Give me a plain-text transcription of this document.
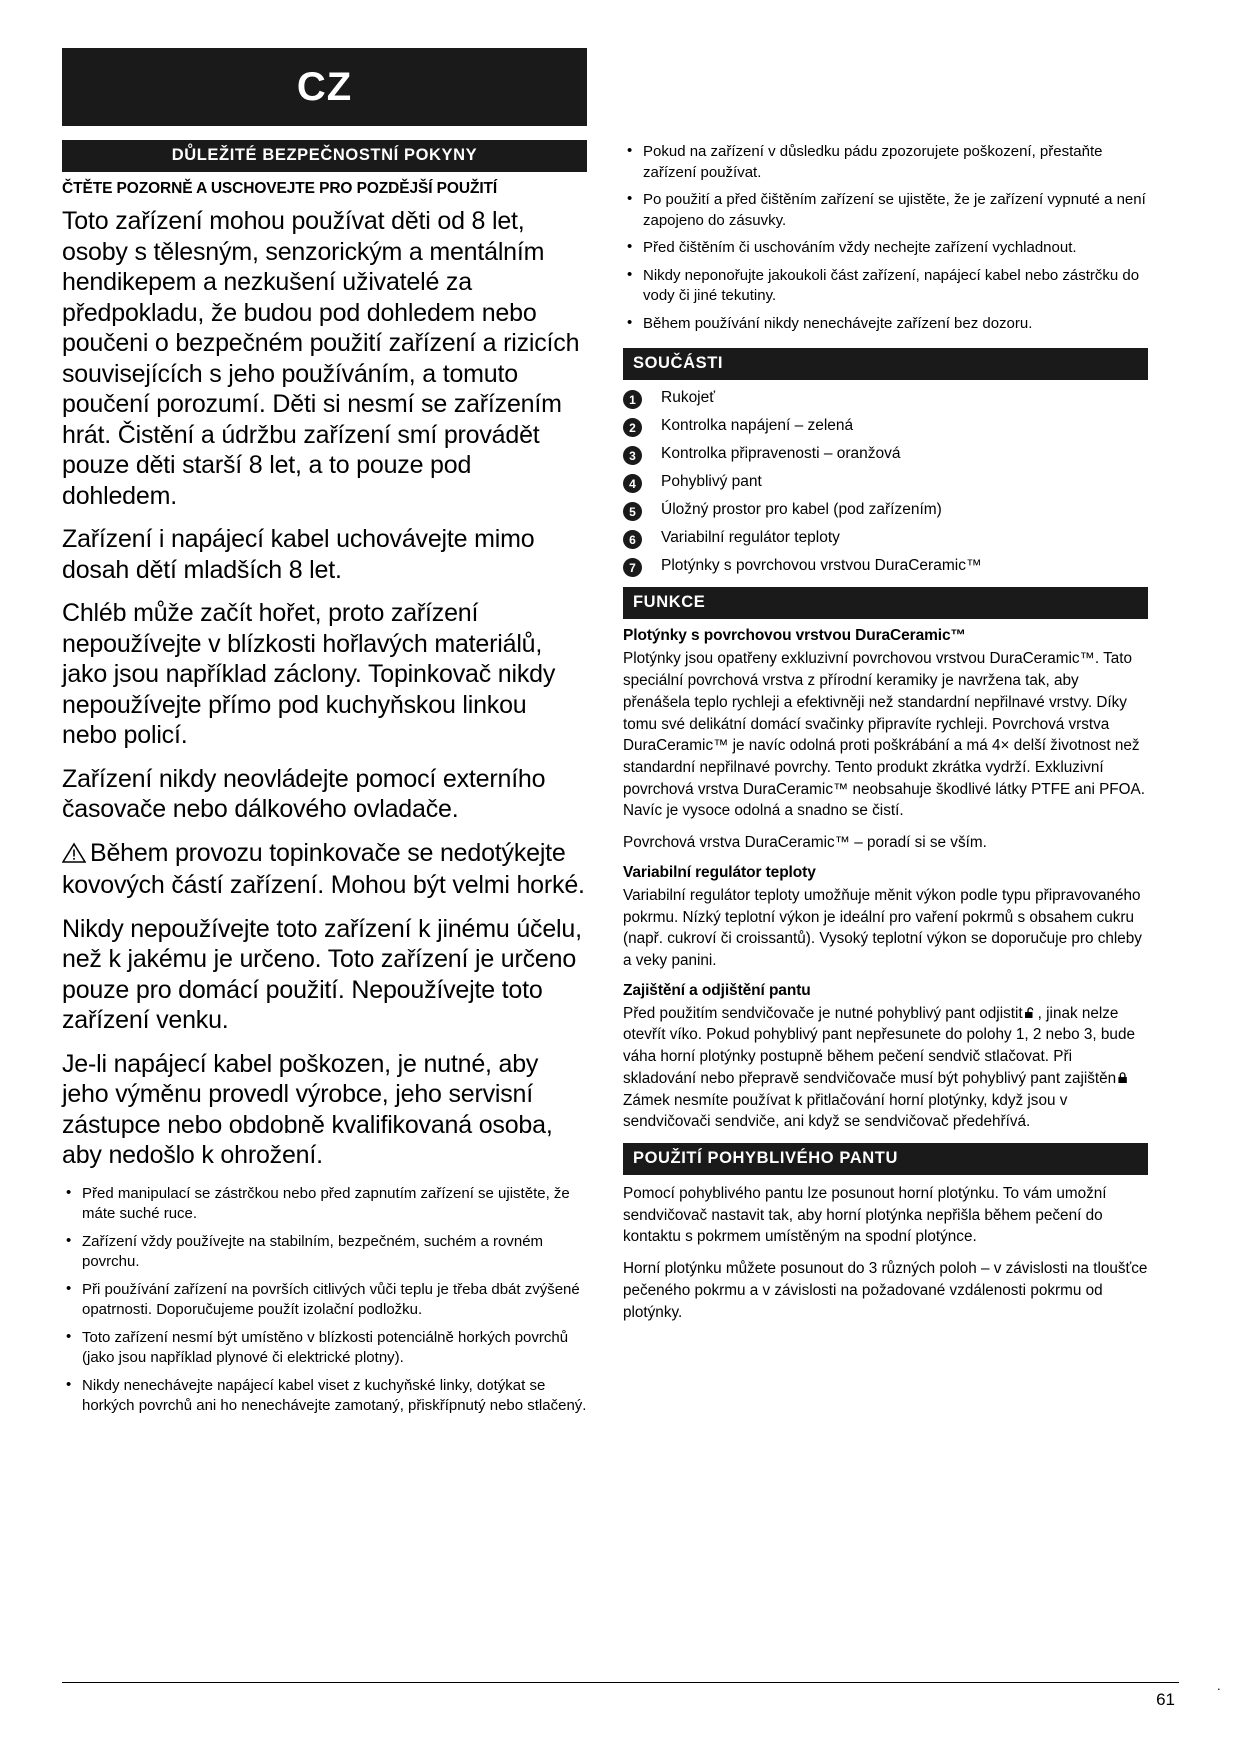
CZ
DŮLEŽITÉ BEZPEČNOSTNÍ POKYNY
ČTĚTE POZORNĚ A USCHOVEJTE PRO POZDĚJŠÍ POUŽITÍ

Toto zařízení mohou používat děti od 8 let, osoby s tělesným, senzorickým a mentálním hendikepem a nezkušení uživatelé za předpokladu, že budou pod dohledem nebo poučeni o bezpečném použití zařízení a rizicích souvisejících s jeho používáním, a tomuto poučení porozumí. Děti si nesmí se zařízením hrát. Čistění a údržbu zařízení smí provádět pouze děti starší 8 let, a to pouze pod dohledem.

Zařízení i napájecí kabel uchovávejte mimo dosah dětí mladších 8 let.

Chléb může začít hořet, proto zařízení nepoužívejte v blízkosti hořlavých materiálů, jako jsou například záclony. Topinkovač nikdy nepoužívejte přímo pod kuchyňskou linkou nebo policí.

Zařízení nikdy neovládejte pomocí externího časovače nebo dálkového ovladače.

Během provozu topinkovače se nedotýkejte kovových částí zařízení. Mohou být velmi horké.

Nikdy nepoužívejte toto zařízení k jinému účelu, než k jakému je určeno. Toto zařízení je určeno pouze pro domácí použití. Nepoužívejte toto zařízení venku.

Je-li napájecí kabel poškozen, je nutné, aby jeho výměnu provedl výrobce, jeho servisní zástupce nebo obdobně kvalifikovaná osoba, aby nedošlo k ohrožení.

• Před manipulací se zástrčkou nebo před zapnutím zařízení se ujistěte, že máte suché ruce.
• Zařízení vždy používejte na stabilním, bezpečném, suchém a rovném povrchu.
• Při používání zařízení na površích citlivých vůči teplu je třeba dbát zvýšené opatrnosti. Doporučujeme použít izolační podložku.
• Toto zařízení nesmí být umístěno v blízkosti potenciálně horkých povrchů (jako jsou například plynové či elektrické plotny).
• Nikdy nenechávejte napájecí kabel viset z kuchyňské linky, dotýkat se horkých povrchů ani ho nenechávejte zamotaný, přiskřípnutý nebo stlačený.
• Pokud na zařízení v důsledku pádu zpozorujete poškození, přestaňte zařízení používat.
• Po použití a před čištěním zařízení se ujistěte, že je zařízení vypnuté a není zapojeno do zásuvky.
• Před čištěním či uschováním vždy nechejte zařízení vychladnout.
• Nikdy neponořujte jakoukoli část zařízení, napájecí kabel nebo zástrčku do vody či jiné tekutiny.
• Během používání nikdy nenechávejte zařízení bez dozoru.
SOUČÁSTI
1	Rukojeť
2	Kontrolka napájení – zelená
3	Kontrolka připravenosti – oranžová
4	Pohyblivý pant
5	Úložný prostor pro kabel (pod zařízením)
6	Variabilní regulátor teploty
7	Plotýnky s povrchovou vrstvou DuraCeramic™
FUNKCE
Plotýnky s povrchovou vrstvou DuraCeramic™

Plotýnky jsou opatřeny exkluzivní povrchovou vrstvou DuraCeramic™. Tato speciální povrchová vrstva z přírodní keramiky je navržena tak, aby přenášela teplo rychleji a efektivněji než standardní nepřilnavé vrstvy. Díky tomu své delikátní domácí svačinky připravíte rychleji. Povrchová vrstva DuraCeramic™ je navíc odolná proti poškrábání a má 4× delší životnost než standardní nepřilnavé povrchy. Tento produkt zkrátka vydrží. Exkluzivní povrchová vrstva DuraCeramic™ neobsahuje škodlivé látky PTFE ani PFOA. Navíc je vysoce odolná a snadno se čistí.

Povrchová vrstva DuraCeramic™ – poradí si se vším.

Variabilní regulátor teploty

Variabilní regulátor teploty umožňuje měnit výkon podle typu připravovaného pokrmu. Nízký teplotní výkon je ideální pro vaření pokrmů s obsahem cukru (např. cukroví či croissantů). Vysoký teplotní výkon se doporučuje pro chleby a veky panini.

Zajištění a odjištění pantu

Před použitím sendvičovače je nutné pohyblivý pant odjistit , jinak nelze otevřít víko. Pokud pohyblivý pant nepřesunete do polohy 1, 2 nebo 3, bude váha horní plotýnky postupně během pečení sendvič stlačovat. Při skladování nebo přepravě sendvičovače musí být pohyblivý pant zajištěnZámek nesmíte používat k přitlačování horní plotýnky, když jsou v sendvičovači sendviče, ani když se sendvičovač předehřívá.

POUŽITÍ POHYBLIVÉHO PANTU

Pomocí pohyblivého pantu lze posunout horní plotýnku. To vám umožní sendvičovač nastavit tak, aby horní plotýnka nepřišla během pečení do kontaktu s pokrmem umístěným na spodní plotýnce.

Horní plotýnku můžete posunout do 3 různých poloh – v závislosti na tloušťce pečeného pokrmu a v závislosti na požadované vzdálenosti pokrmu od plotýnky.

61
·
